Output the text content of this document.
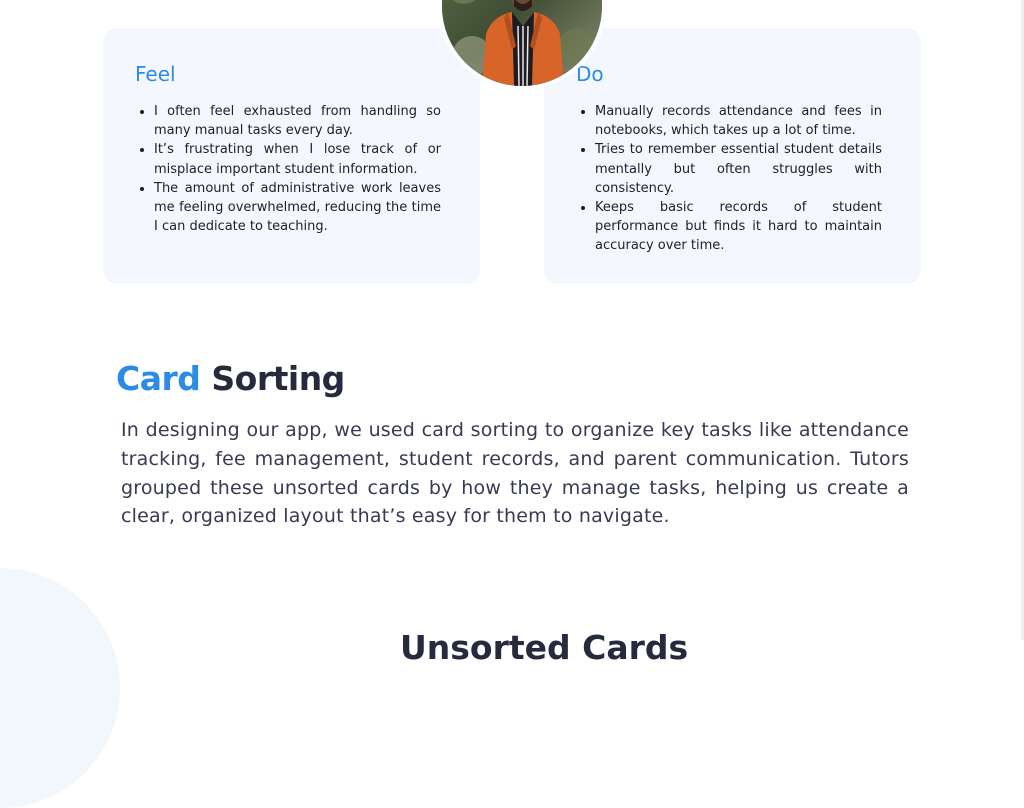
Feel
• I often feel exhausted from handling so many manual tasks every day.
• It’s frustrating when I lose track of or misplace important student information.
• The amount of administrative work leaves me feeling overwhelmed, reducing the time I can dedicate to teaching.
Do
• Manually records attendance and fees in notebooks, which takes up a lot of time.
• Tries to remember essential student details mentally but often struggles with consistency.
• Keeps basic records of student performance but finds it hard to maintain accuracy over time.
Card Sorting

In designing our app, we used card sorting to organize key tasks like attendance tracking, fee management, student records, and parent communication. Tutors grouped these unsorted cards by how they manage tasks, helping us create a clear, organized layout that’s easy for them to navigate.

Unsorted Cards
